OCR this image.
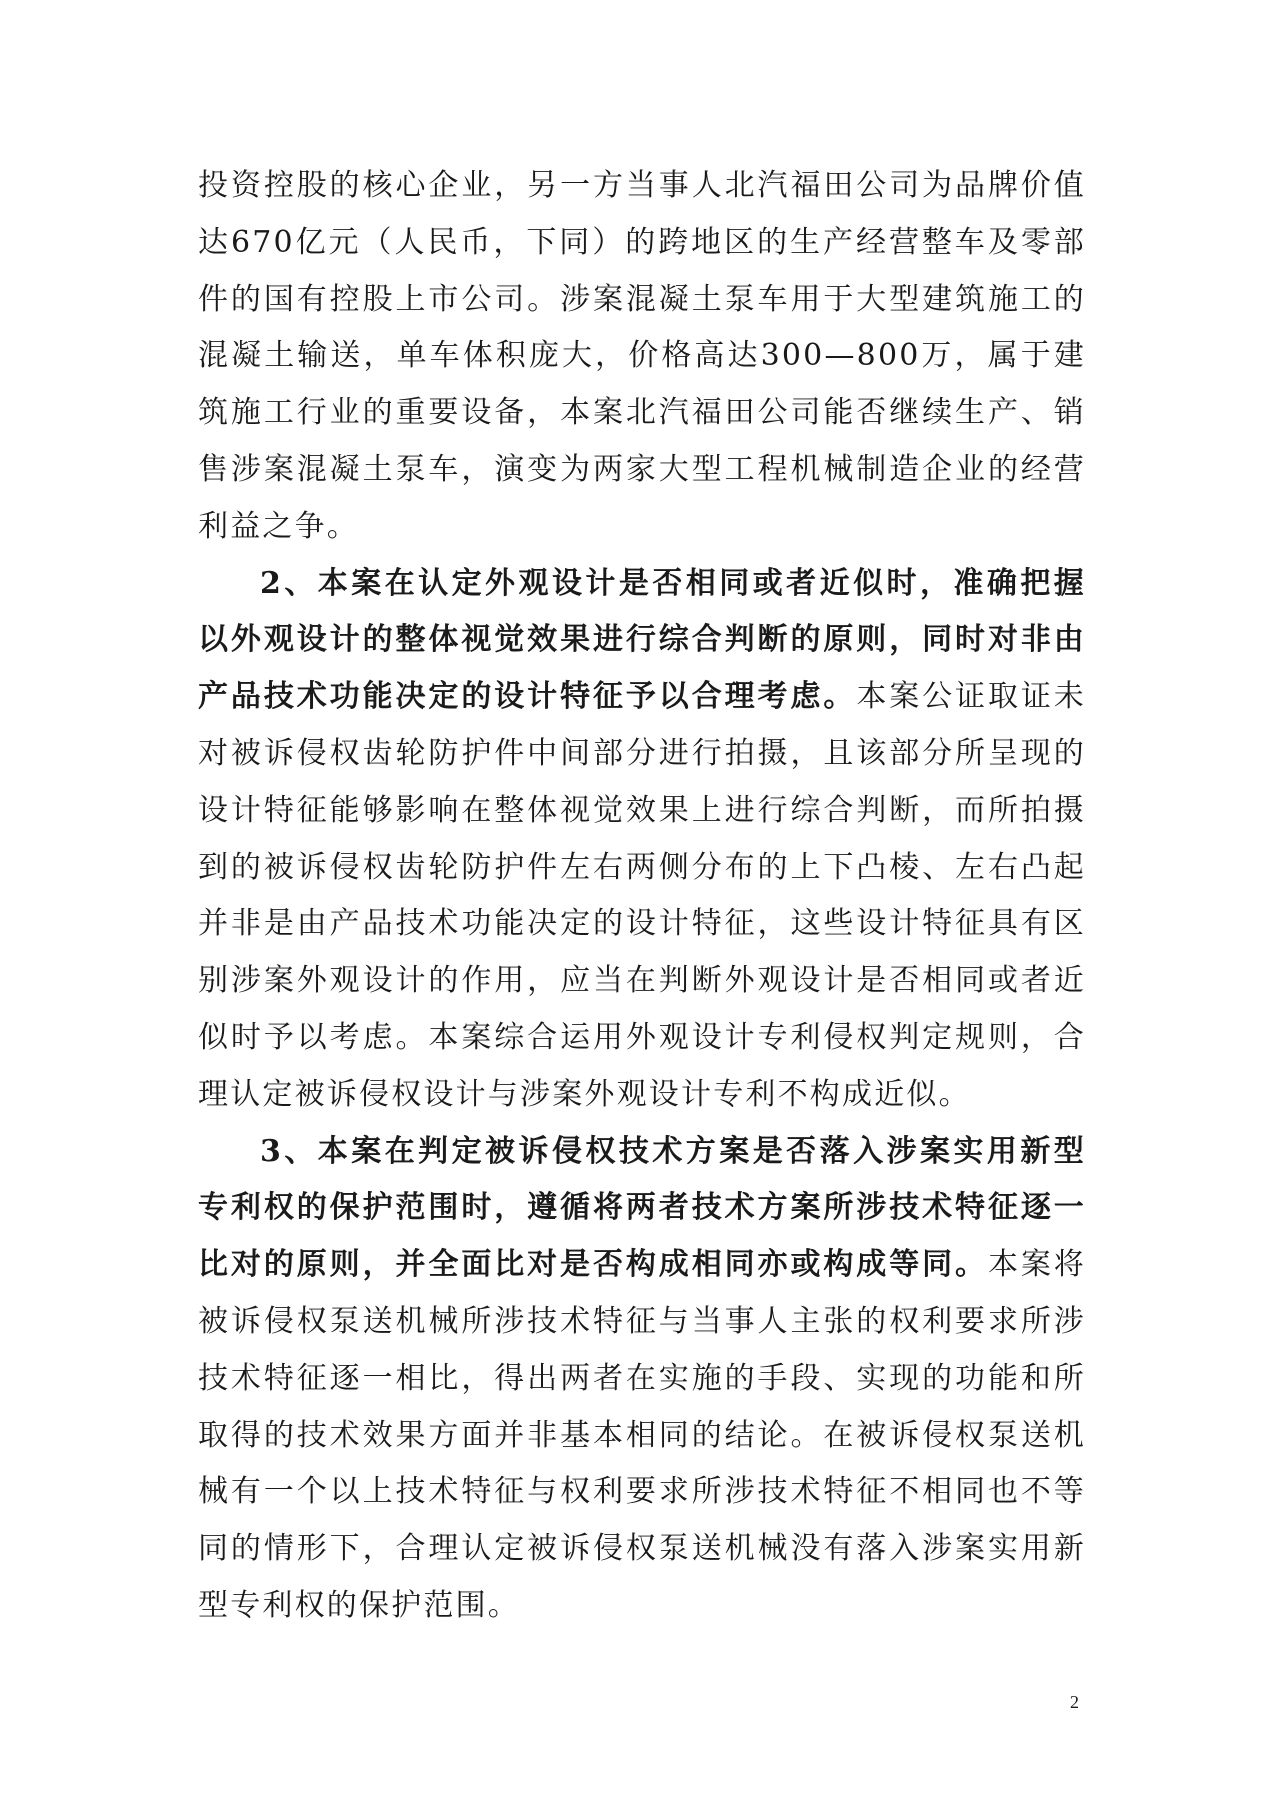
投资控股的核心企业，另一方当事人北汽福田公司为品牌价值达670亿元（人民币，下同）的跨地区的生产经营整车及零部件的国有控股上市公司。涉案混凝土泵车用于大型建筑施工的混凝土输送，单车体积庞大，价格高达300—800万，属于建筑施工行业的重要设备，本案北汽福田公司能否继续生产、销售涉案混凝土泵车，演变为两家大型工程机械制造企业的经营利益之争。

2、本案在认定外观设计是否相同或者近似时，准确把握以外观设计的整体视觉效果进行综合判断的原则，同时对非由产品技术功能决定的设计特征予以合理考虑。本案公证取证未对被诉侵权齿轮防护件中间部分进行拍摄，且该部分所呈现的设计特征能够影响在整体视觉效果上进行综合判断，而所拍摄到的被诉侵权齿轮防护件左右两侧分布的上下凸棱、左右凸起并非是由产品技术功能决定的设计特征，这些设计特征具有区别涉案外观设计的作用，应当在判断外观设计是否相同或者近似时予以考虑。本案综合运用外观设计专利侵权判定规则，合理认定被诉侵权设计与涉案外观设计专利不构成近似。

3、本案在判定被诉侵权技术方案是否落入涉案实用新型专利权的保护范围时，遵循将两者技术方案所涉技术特征逐一比对的原则，并全面比对是否构成相同亦或构成等同。本案将被诉侵权泵送机械所涉技术特征与当事人主张的权利要求所涉技术特征逐一相比，得出两者在实施的手段、实现的功能和所取得的技术效果方面并非基本相同的结论。在被诉侵权泵送机械有一个以上技术特征与权利要求所涉技术特征不相同也不等同的情形下，合理认定被诉侵权泵送机械没有落入涉案实用新型专利权的保护范围。

2
